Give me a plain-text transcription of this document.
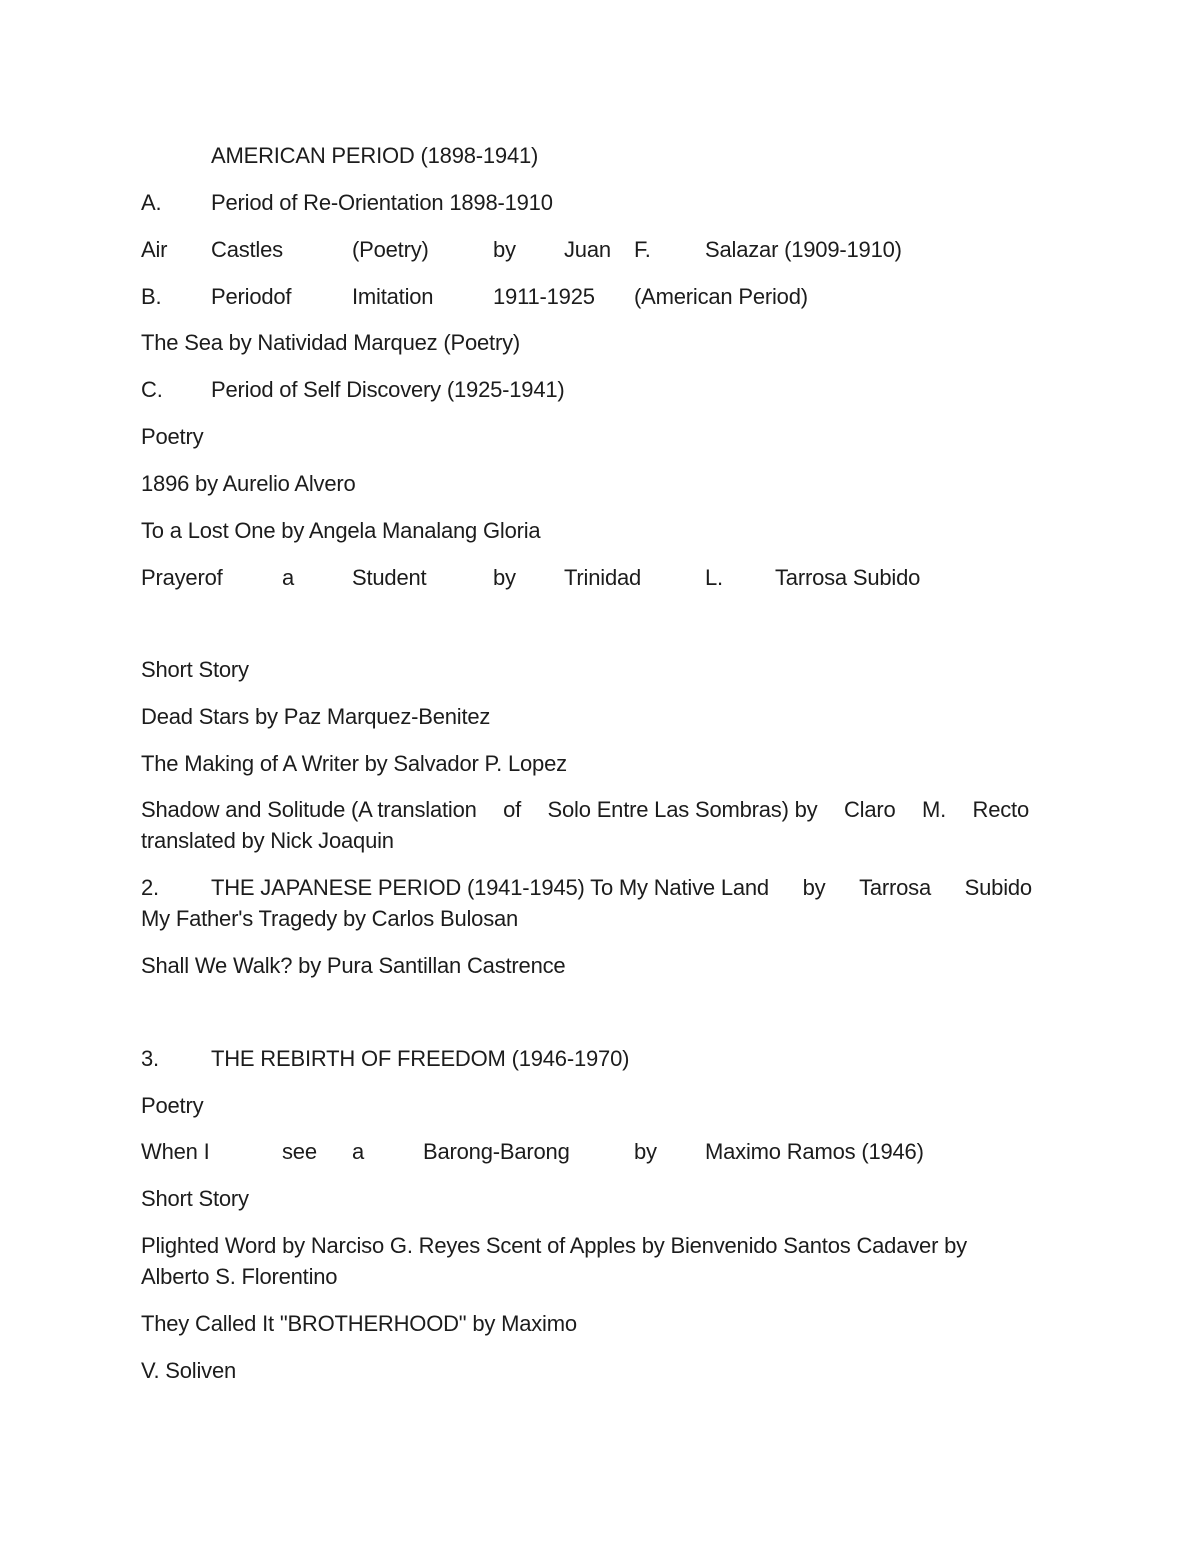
AMERICAN PERIOD (1898-1941)
A. Period of Re-Orientation 1898-1910
Air Castles	(Poetry)	by Juan F. Salazar (1909-1910)
B. Periodof	Imitation	1911-1925 (American Period)
The Sea by Natividad Marquez (Poetry)
C. Period of Self Discovery (1925-1941)
Poetry
1896 by Aurelio Alvero
To a Lost One by Angela Manalang Gloria
Prayerof	a	Student	by Trinidad	L. Tarrosa Subido
Short Story
Dead Stars by Paz Marquez-Benitez
The Making of A Writer by Salvador P. Lopez
Shadow and Solitude (A translation of Solo Entre Las Sombras) by Claro M. Recto
translated by Nick Joaquin
2. THE JAPANESE PERIOD (1941-1945) To My Native Land by Tarrosa Subido
My Father's Tragedy by Carlos Bulosan
Shall We Walk? by Pura Santillan Castrence
3. THE REBIRTH OF FREEDOM (1946-1970)
Poetry
When I	see a	Barong-Barong	by Maximo Ramos (1946)
Short Story
Plighted Word by Narciso G. Reyes Scent of Apples by Bienvenido Santos Cadaver by
Alberto S. Florentino
They Called It "BROTHERHOOD" by Maximo
V. Soliven
